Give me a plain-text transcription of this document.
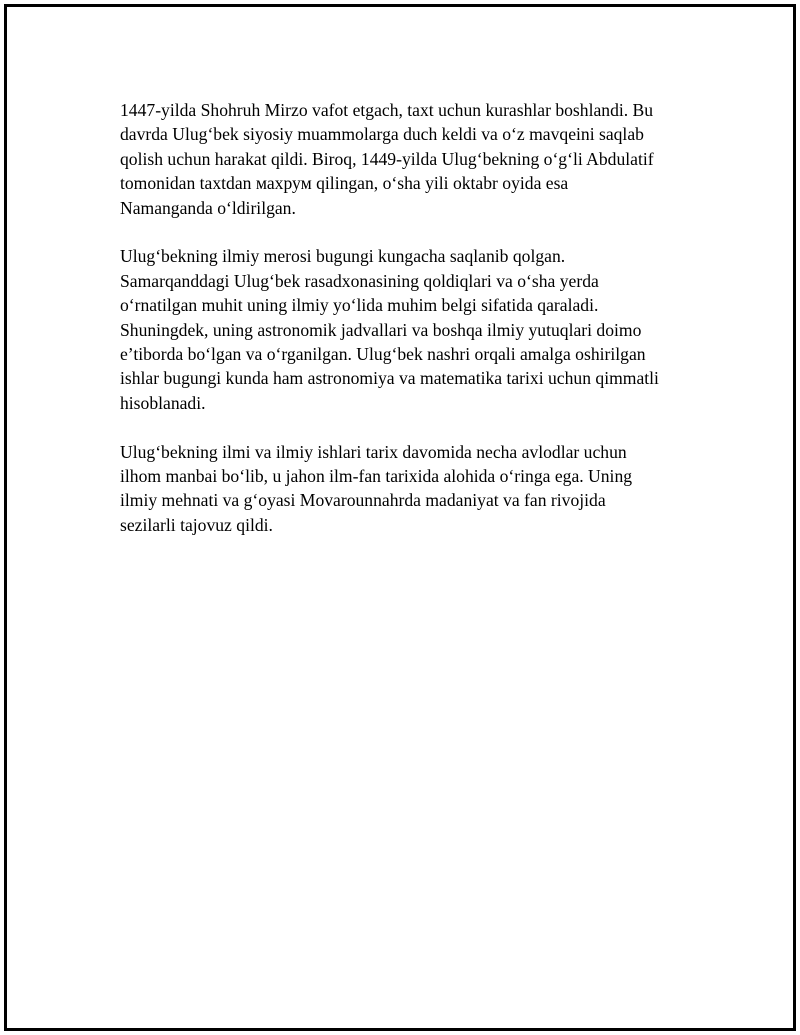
1447-yilda Shohruh Mirzo vafot etgach, taxt uchun kurashlar boshlandi. Bu
davrda Ulug‘bek siyosiy muammolarga duch keldi va o‘z mavqeini saqlab
qolish uchun harakat qildi. Biroq, 1449-yilda Ulug‘bekning o‘g‘li Abdulatif
tomonidan taxtdan махрум qilingan, o‘sha yili oktabr oyida esa
Namanganda o‘ldirilgan.

Ulug‘bekning ilmiy merosi bugungi kungacha saqlanib qolgan.
Samarqanddagi Ulug‘bek rasadxonasining qoldiqlari va o‘sha yerda
o‘rnatilgan muhit uning ilmiy yo‘lida muhim belgi sifatida qaraladi.
Shuningdek, uning astronomik jadvallari va boshqa ilmiy yutuqlari doimo
e’tiborda bo‘lgan va o‘rganilgan. Ulug‘bek nashri orqali amalga oshirilgan
ishlar bugungi kunda ham astronomiya va matematika tarixi uchun qimmatli
hisoblanadi.

Ulug‘bekning ilmi va ilmiy ishlari tarix davomida necha avlodlar uchun
ilhom manbai bo‘lib, u jahon ilm-fan tarixida alohida o‘ringa ega. Uning
ilmiy mehnati va g‘oyasi Movarounnahrda madaniyat va fan rivojida
sezilarli tajovuz qildi.
